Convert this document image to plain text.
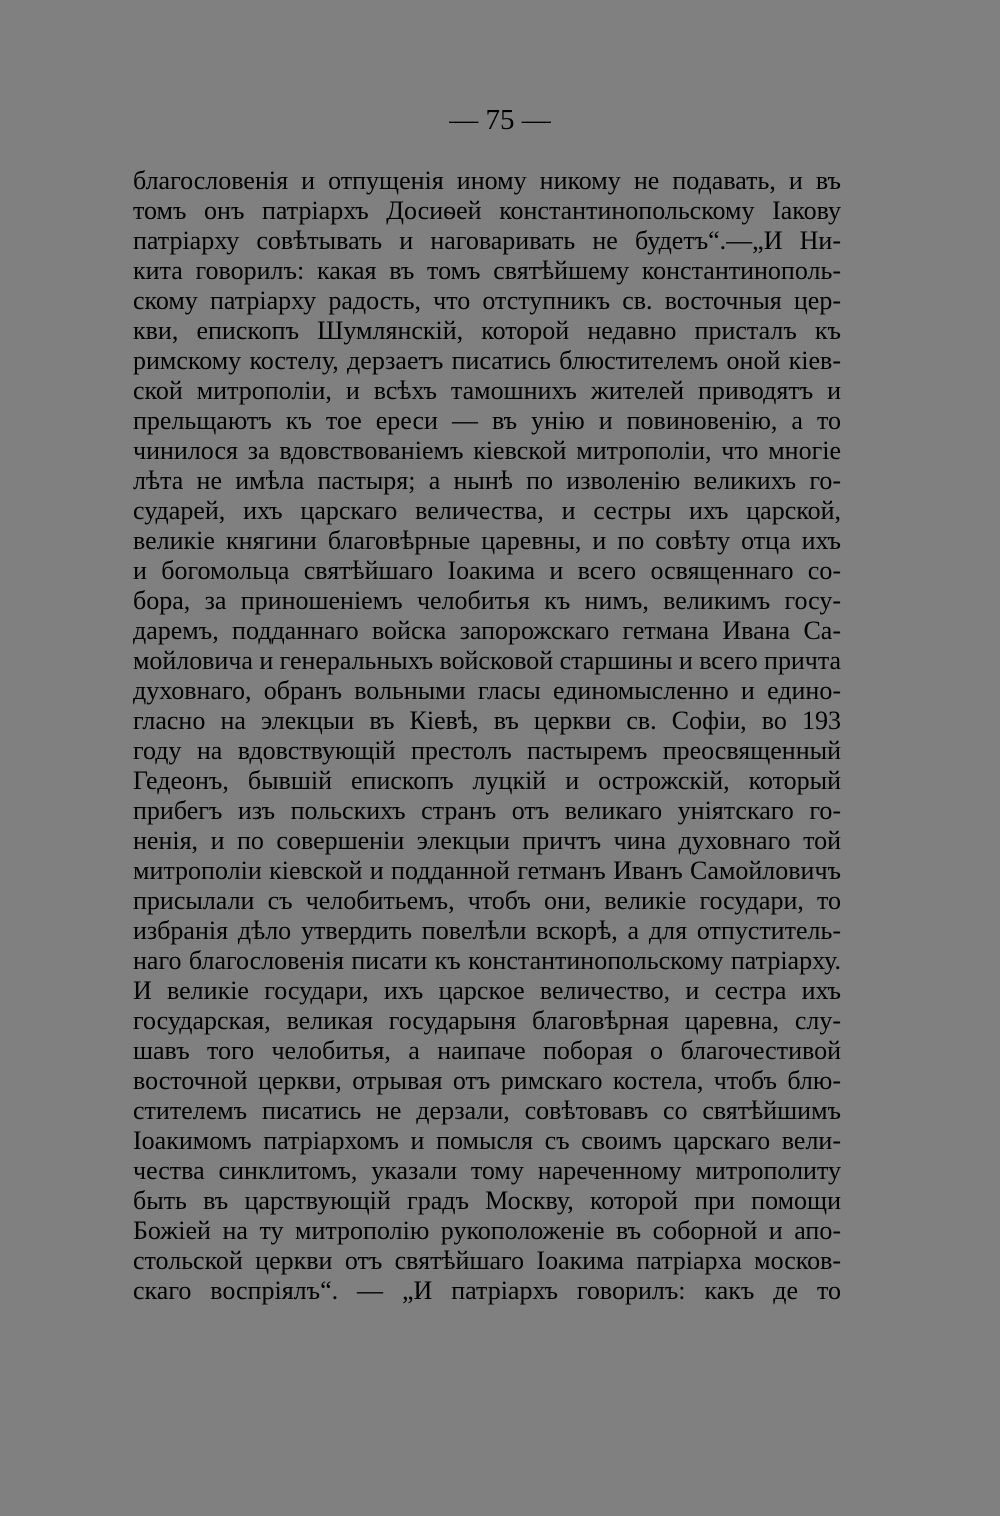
— 75 —
благословенія и отпущенія иному никому не подавать, и въ
томъ онъ патріархъ Досиѳей константинопольскому Іакову
патріарху совѣтывать и наговаривать не будетъ“.—„И Ни-
кита говорилъ: какая въ томъ святѣйшему константинополь-
скому патріарху радость, что отступникъ св. восточныя цер-
кви, епископъ Шумлянскій, которой недавно присталъ къ
римскому костелу, дерзаетъ писатись блюстителемъ оной кіев-
ской митрополіи, и всѣхъ тамошнихъ жителей приводятъ и
прельщаютъ къ тое ереси — въ унію и повиновенію, а то
чинилося за вдовствованіемъ кіевской митрополіи, что многіе
лѣта не имѣла пастыря; а нынѣ по изволенію великихъ го-
сударей, ихъ царскаго величества, и сестры ихъ царской,
великіе княгини благовѣрные царевны, и по совѣту отца ихъ
и богомольца святѣйшаго Іоакима и всего освященнаго со-
бора, за приношеніемъ челобитья къ нимъ, великимъ госу-
даремъ, подданнаго войска запорожскаго гетмана Ивана Са-
мойловича и генеральныхъ войсковой старшины и всего причта
духовнаго, обранъ вольными гласы единомысленно и едино-
гласно на элекцыи въ Кіевѣ, въ церкви св. Софіи, во 193
году на вдовствующій престолъ пастыремъ преосвященный
Гедеонъ, бывшій епископъ луцкій и острожскій, который
прибегъ изъ польскихъ странъ отъ великаго уніятскаго го-
ненія, и по совершеніи элекцыи причтъ чина духовнаго той
митрополіи кіевской и подданной гетманъ Иванъ Самойловичъ
присылали съ челобитьемъ, чтобъ они, великіе государи, то
избранія дѣло утвердить повелѣли вскорѣ, а для отпуститель-
наго благословенія писати къ константинопольскому патріарху.
И великіе государи, ихъ царское величество, и сестра ихъ
государская, великая государыня благовѣрная царевна, слу-
шавъ того челобитья, а наипаче поборая о благочестивой
восточной церкви, отрывая отъ римскаго костела, чтобъ блю-
стителемъ писатись не дерзали, совѣтовавъ со святѣйшимъ
Іоакимомъ патріархомъ и помысля съ своимъ царскаго вели-
чества синклитомъ, указали тому нареченному митрополиту
быть въ царствующій градъ Москву, которой при помощи
Божіей на ту митрополію рукоположеніе въ соборной и апо-
стольской церкви отъ святѣйшаго Іоакима патріарха москов-
скаго воспріялъ“. — „И патріархъ говорилъ: какъ де то
